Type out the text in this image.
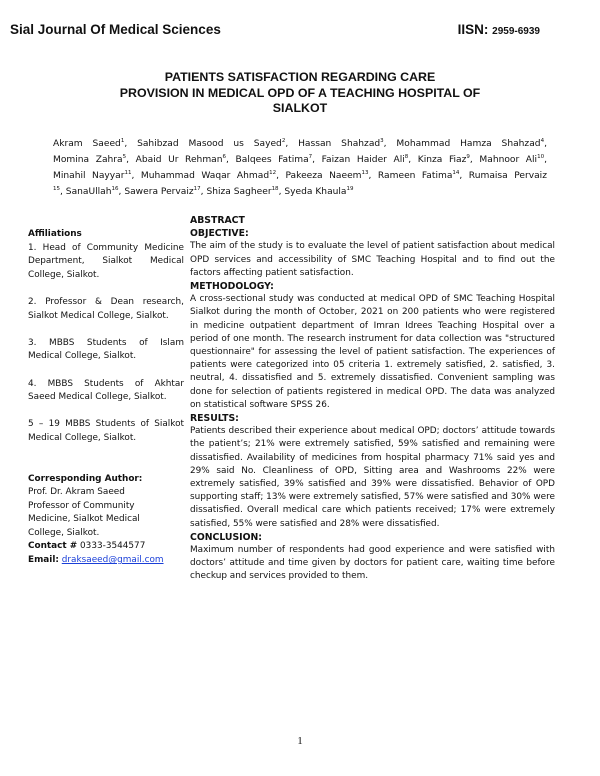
Sial Journal Of Medical Sciences	IISN: 2959-6939
PATIENTS SATISFACTION REGARDING CARE
PROVISION IN MEDICAL OPD OF A TEACHING HOSPITAL OF
SIALKOT
Akram Saeed$^1$, Sahibzad Masood us Sayed$^2$, Hassan Shahzad$^3$, Mohammad Hamza Shahzad$^4$,
Momina Zahra$^5$, Abaid Ur Rehman$^6$, Balqees Fatima$^7$, Faizan Haider Ali$^8$, Kinza Fiaz$^9$, Mahnoor Ali$^{10}$,
Minahil Nayyar$^{11}$, Muhammad Waqar Ahmad$^{12}$, Pakeeza Naeem$^{13}$, Rameen Fatima$^{14}$, Rumaisa Pervaiz
$^{15}$, SanaUllah$^{16}$, Sawera Pervaiz$^{17}$, Shiza Sagheer$^{18}$, Syeda Khaula$^{19}$
Affiliations
1. Head of Community Medicine
Department, Sialkot Medical
College, Sialkot.
2. Professor & Dean research,
Sialkot Medical College, Sialkot.
3. MBBS Students of Islam
Medical College, Sialkot.
4. MBBS Students of Akhtar
Saeed Medical College, Sialkot.
5 – 19 MBBS Students of Sialkot
Medical College, Sialkot.
Corresponding Author:
Prof. Dr. Akram Saeed
Professor of Community
Medicine, Sialkot Medical
College, Sialkot.
Contact # 0333-3544577
Email: draksaeed@gmail.com
ABSTRACT
OBJECTIVE:

The aim of the study is to evaluate the level of patient satisfaction about medical OPD services and accessibility of SMC Teaching Hospital and to find out the factors affecting patient satisfaction.

METHODOLOGY:

A cross-sectional study was conducted at medical OPD of SMC Teaching Hospital Sialkot during the month of October, 2021 on 200 patients who were registered in medicine outpatient department of Imran Idrees Teaching Hospital over a period of one month. The research instrument for data collection was "structured questionnaire" for assessing the level of patient satisfaction. The experiences of patients were categorized into 05 criteria 1. extremely satisfied, 2. satisfied, 3. neutral, 4. dissatisfied and 5. extremely dissatisfied. Convenient sampling was done for selection of patients registered in medical OPD. The data was analyzed on statistical software SPSS 26.

RESULTS:

Patients described their experience about medical OPD; doctors’ attitude towards the patient’s; 21% were extremely satisfied, 59% satisfied and remaining were dissatisfied. Availability of medicines from hospital pharmacy 71% said yes and 29% said No. Cleanliness of OPD, Sitting area and Washrooms 22% were extremely satisfied, 39% satisfied and 39% were dissatisfied. Behavior of OPD supporting staff; 13% were extremely satisfied, 57% were satisfied and 30% were dissatisfied. Overall medical care which patients received; 17% were extremely satisfied, 55% were satisfied and 28% were dissatisfied.

CONCLUSION:

Maximum number of respondents had good experience and were satisfied with doctors’ attitude and time given by doctors for patient care, waiting time before checkup and services provided to them.

1
